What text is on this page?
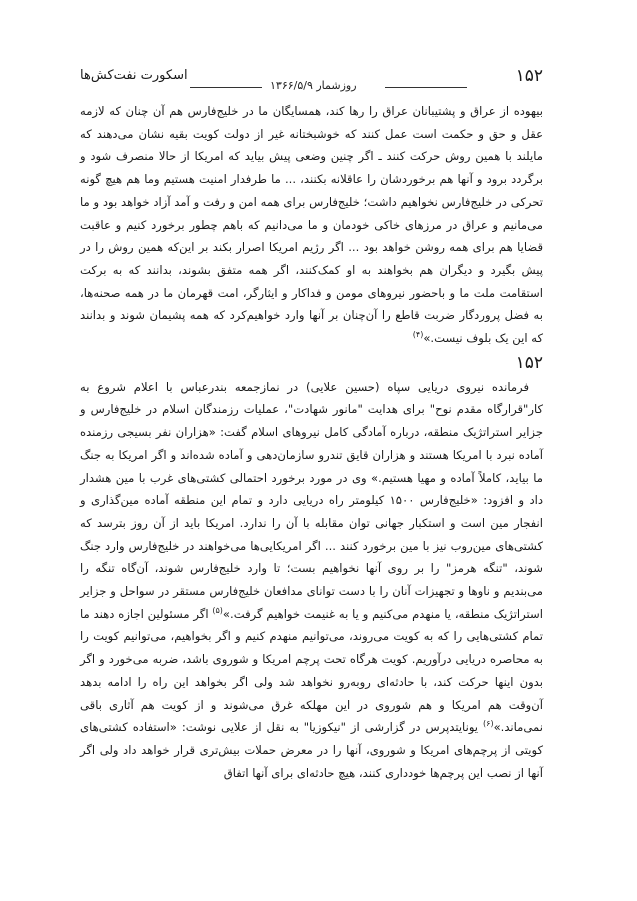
۱۵۲
روزشمار ۱۳۶۶/۵/۹
اسکورت نفت‌کش‌ها

بیهوده از عراق و پشتیبانان عراق را رها کند، همسایگان ما در خلیج‌فارس هم آن چنان که لازمه عقل و حق و حکمت است عمل کنند که خوشبختانه غیر از دولت کویت بقیه نشان می‌دهند که مایلند با همین روش حرکت کنند ـ اگر چنین وضعی پیش بیاید که امریکا از حالا منصرف شود و برگردد برود و آنها هم برخوردشان را عاقلانه بکنند، ... ما طرفدار امنیت هستیم وما هم هیچ گونه تحرکی در خلیج‌فارس نخواهیم داشت؛ خلیج‌فارس برای همه امن و رفت و آمد آزاد خواهد بود و ما می‌مانیم و عراق در مرزهای خاکی خودمان و ما می‌دانیم که باهم چطور برخورد کنیم و عاقبت قضایا هم برای همه روشن خواهد بود ... اگر رژیم امریکا اصرار بکند بر این‌که همین روش را در پیش بگیرد و دیگران هم بخواهند به او کمک‌کنند، اگر همه متفق بشوند، بدانند که به برکت استقامت ملت ما و باحضور نیروهای مومن و فداکار و ایثارگر، امت قهرمان ما در همه صحنه‌ها، به فضل پروردگار ضربت قاطع را آن‌چنان بر آنها وارد خواهیم‌کرد که همه پشیمان شوند و بدانند که این یک بلوف نیست.»$^{(۴)}$

۱۵۲

فرمانده نیروی دریایی سپاه (حسین علایی) در نمازجمعه بندرعباس با اعلام شروع به کار"قرارگاه مقدم نوح" برای هدایت "مانور شهادت"، عملیات رزمندگان اسلام در خلیج‌فارس و جزایر استراتژیک منطقه، درباره آمادگی کامل نیروهای اسلام گفت: «هزاران نفر بسیجی رزمنده آماده نبرد با امریکا هستند و هزاران قایق تندرو سازمان‌دهی و آماده شده‌اند و اگر امریکا به جنگ ما بیاید، کاملاً آماده و مهیا هستیم.» وی در مورد برخورد احتمالی کشتی‌های غرب با مین هشدار داد و افزود: «خلیج‌فارس ۱۵۰۰ کیلومتر راه دریایی دارد و تمام این منطقه آماده مین‌گذاری و انفجار مین است و استکبار جهانی توان مقابله با آن را ندارد. امریکا باید از آن روز بترسد که کشتی‌های مین‌روب نیز با مین برخورد کنند ... اگر امریکایی‌ها می‌خواهند در خلیج‌فارس وارد جنگ شوند، "تنگه هرمز" را بر روی آنها نخواهیم بست؛ تا وارد خلیج‌فارس شوند، آن‌گاه تنگه را می‌بندیم و ناوها و تجهیزات آنان را با دست توانای مدافعان خلیج‌فارس مستقر در سواحل و جزایر استراتژیک منطقه، یا منهدم می‌کنیم و یا به غنیمت خواهیم گرفت.»$^{(۵)}$ اگر مسئولین اجازه دهند ما تمام کشتی‌هایی را که به کویت می‌روند، می‌توانیم منهدم کنیم و اگر بخواهیم، می‌توانیم کویت را به محاصره دریایی درآوریم. کویت هرگاه تحت پرچم امریکا و شوروی باشد، ضربه می‌خورد و اگر بدون اینها حرکت کند، با حادثه‌ای روبه‌رو نخواهد شد ولی اگر بخواهد این راه را ادامه بدهد آن‌وقت هم امریکا و هم شوروی در این مهلکه غرق می‌شوند و از کویت هم آثاری باقی نمی‌ماند.»$^{(۶)}$ یونایتدپرس در گزارشی از "نیکوزیا" به نقل از علایی نوشت: «استفاده کشتی‌های کویتی از پرچم‌های امریکا و شوروی، آنها را در معرض حملات بیش‌تری قرار خواهد داد ولی اگر آنها از نصب این پرچم‌ها خودداری کنند، هیچ حادثه‌ای برای آنها اتفاق
